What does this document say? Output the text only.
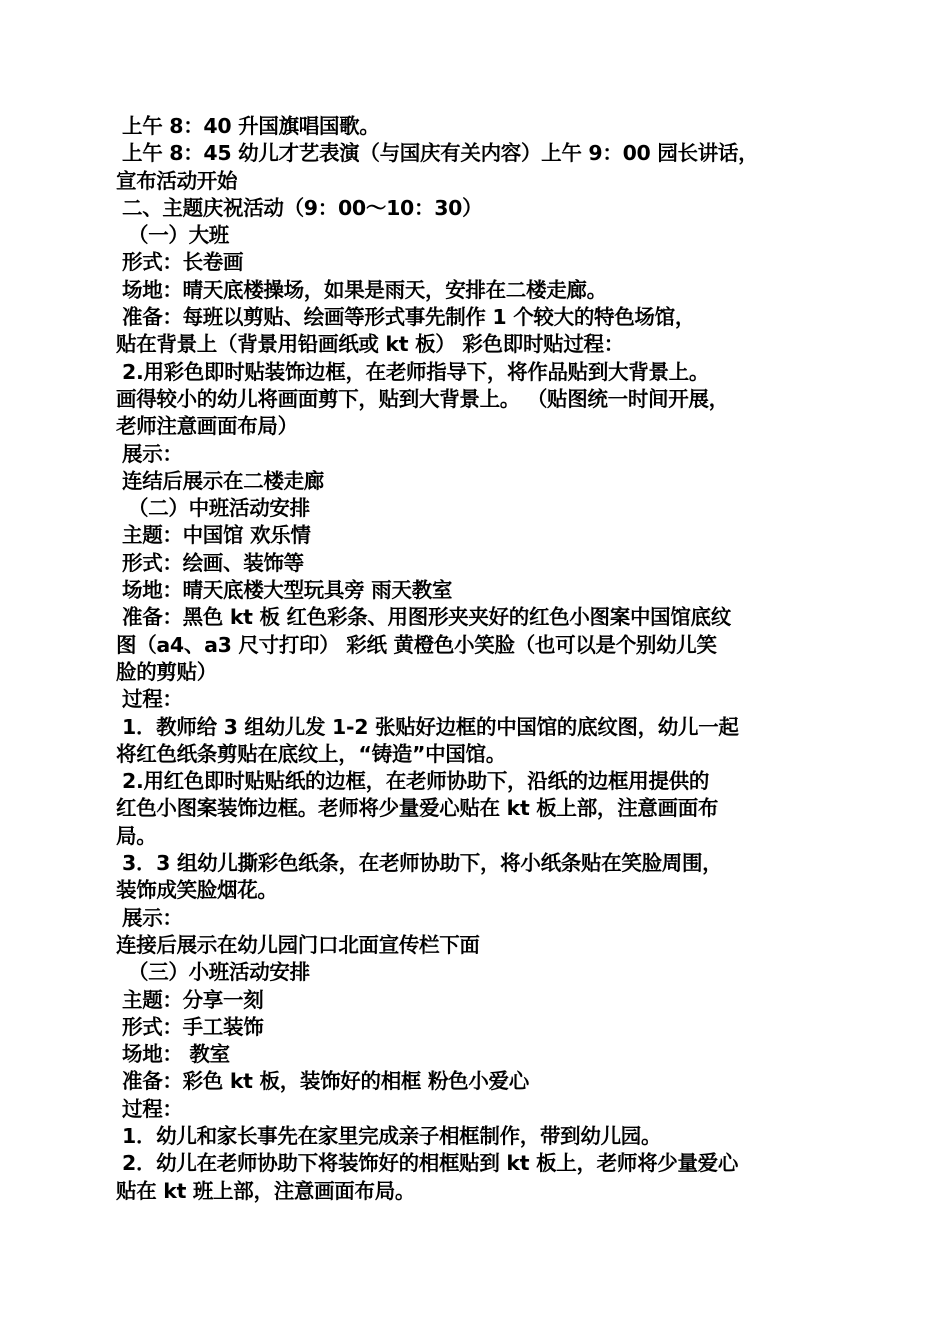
上午 8：40 升国旗唱国歌。
上午 8：45 幼儿才艺表演（与国庆有关内容）上午 9：00 园长讲话，
宣布活动开始
二、主题庆祝活动（9：00～10：30）
（一）大班
形式：长卷画
场地：晴天底楼操场，如果是雨天，安排在二楼走廊。
准备：每班以剪贴、绘画等形式事先制作 1 个较大的特色场馆，
贴在背景上（背景用铅画纸或 kt 板） 彩色即时贴过程：
2.用彩色即时贴装饰边框，在老师指导下，将作品贴到大背景上。
画得较小的幼儿将画面剪下，贴到大背景上。 （贴图统一时间开展，
老师注意画面布局）
展示：
连结后展示在二楼走廊
（二）中班活动安排
主题：中国馆 欢乐情
形式：绘画、装饰等
场地：晴天底楼大型玩具旁 雨天教室
准备：黑色 kt 板 红色彩条、用图形夹夹好的红色小图案中国馆底纹
图（a4、a3 尺寸打印） 彩纸 黄橙色小笑脸（也可以是个别幼儿笑
脸的剪贴）
过程：
1．教师给 3 组幼儿发 1-2 张贴好边框的中国馆的底纹图，幼儿一起
将红色纸条剪贴在底纹上，“铸造”中国馆。
2.用红色即时贴贴纸的边框，在老师协助下，沿纸的边框用提供的
红色小图案装饰边框。老师将少量爱心贴在 kt 板上部，注意画面布
局。
3．3 组幼儿撕彩色纸条，在老师协助下，将小纸条贴在笑脸周围，
装饰成笑脸烟花。
展示：
连接后展示在幼儿园门口北面宣传栏下面
（三）小班活动安排
主题：分享一刻
形式：手工装饰
场地： 教室
准备：彩色 kt 板，装饰好的相框 粉色小爱心
过程：
1．幼儿和家长事先在家里完成亲子相框制作，带到幼儿园。
2．幼儿在老师协助下将装饰好的相框贴到 kt 板上，老师将少量爱心
贴在 kt 班上部，注意画面布局。
